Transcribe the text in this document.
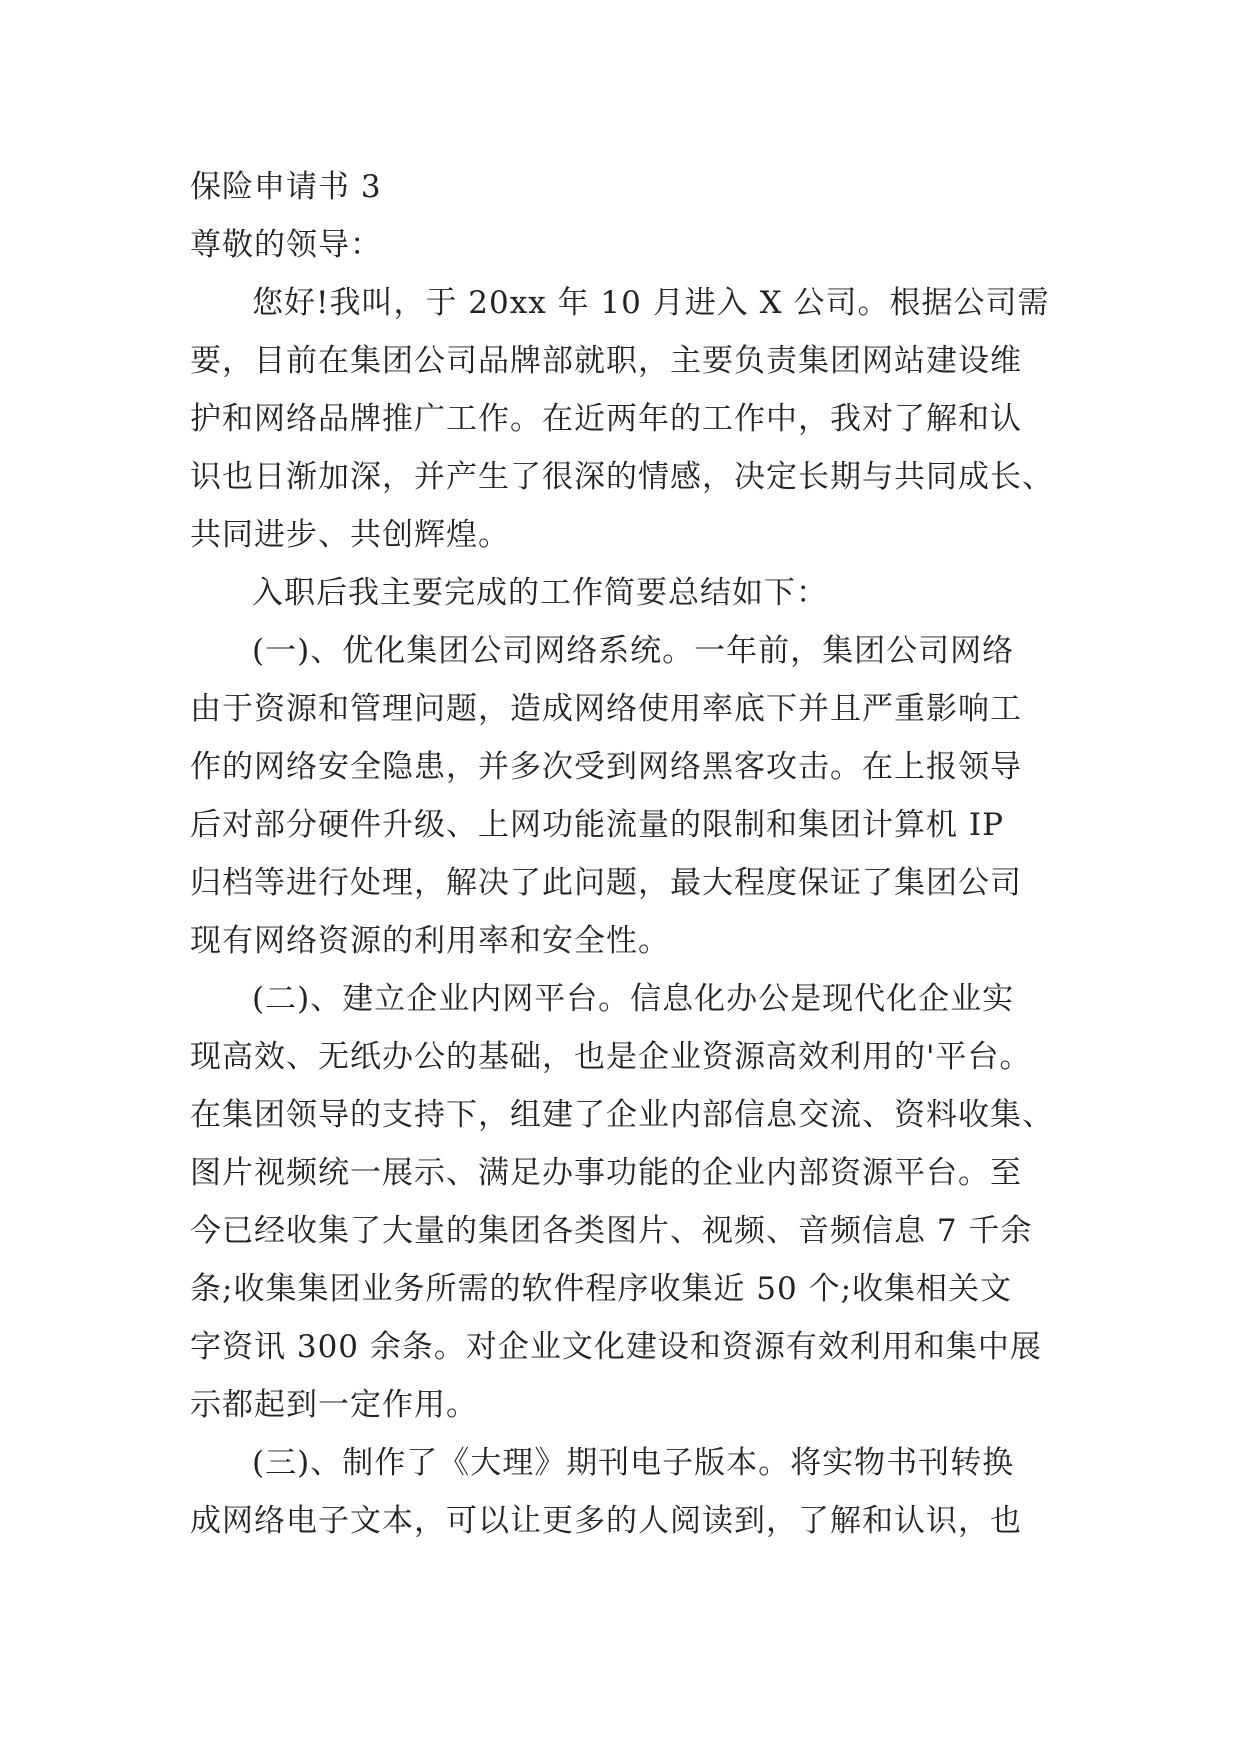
保险申请书 3
尊敬的领导：
您好!我叫，于 20xx 年 10 月进入 X 公司。根据公司需
要，目前在集团公司品牌部就职，主要负责集团网站建设维
护和网络品牌推广工作。在近两年的工作中，我对了解和认
识也日渐加深，并产生了很深的情感，决定长期与共同成长、
共同进步、共创辉煌。
入职后我主要完成的工作简要总结如下：
(一)、优化集团公司网络系统。一年前，集团公司网络
由于资源和管理问题，造成网络使用率底下并且严重影响工
作的网络安全隐患，并多次受到网络黑客攻击。在上报领导
后对部分硬件升级、上网功能流量的限制和集团计算机 IP
归档等进行处理，解决了此问题，最大程度保证了集团公司
现有网络资源的利用率和安全性。
(二)、建立企业内网平台。信息化办公是现代化企业实
现高效、无纸办公的基础，也是企业资源高效利用的'平台。
在集团领导的支持下，组建了企业内部信息交流、资料收集、
图片视频统一展示、满足办事功能的企业内部资源平台。至
今已经收集了大量的集团各类图片、视频、音频信息 7 千余
条;收集集团业务所需的软件程序收集近 50 个;收集相关文
字资讯 300 余条。对企业文化建设和资源有效利用和集中展
示都起到一定作用。
(三)、制作了《大理》期刊电子版本。将实物书刊转换
成网络电子文本，可以让更多的人阅读到，了解和认识，也
